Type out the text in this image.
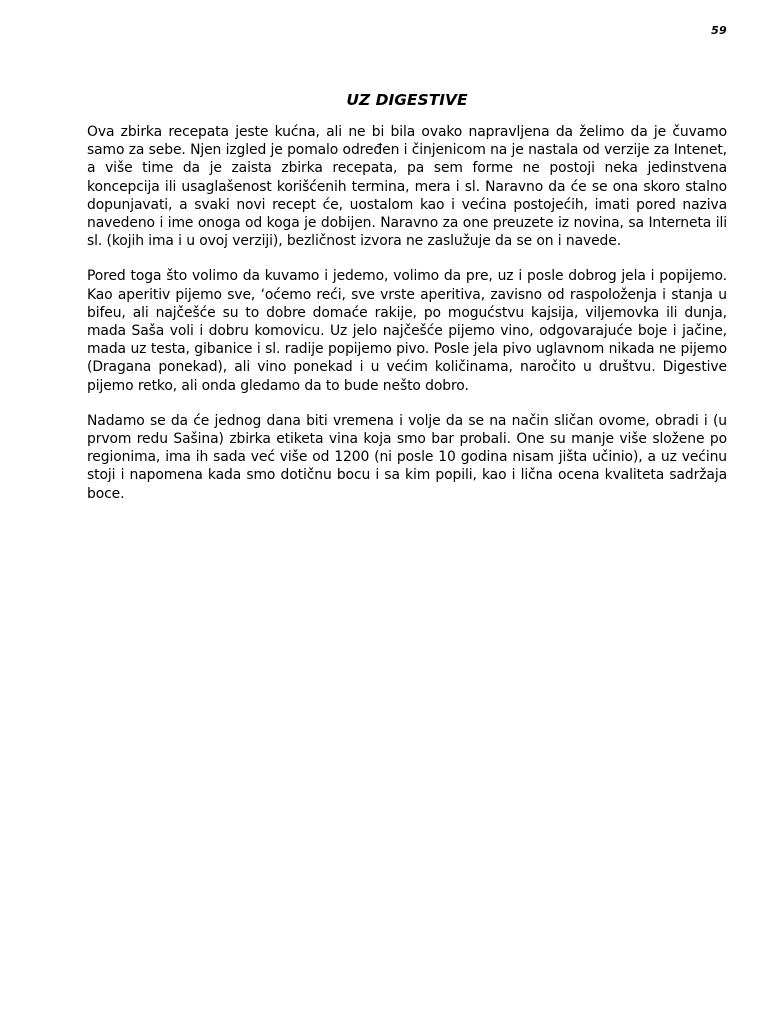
59
UZ DIGESTIVE

Ova zbirka recepata jeste kućna, ali ne bi bila ovako napravljena da želimo da je čuvamo samo za sebe. Njen izgled je pomalo određen i činjenicom na je nastala od verzije za Intenet, a više time da je zaista zbirka recepata, pa sem forme ne postoji neka jedinstvena koncepcija ili usaglašenost korišćenih termina, mera i sl. Naravno da će se ona skoro stalno dopunjavati, a svaki novi recept će, uostalom kao i većina postojećih, imati pored naziva navedeno i ime onoga od koga je dobijen. Naravno za one preuzete iz novina, sa Interneta ili sl. (kojih ima i u ovoj verziji), bezličnost izvora ne zaslužuje da se on i navede.

Pored toga što volimo da kuvamo i jedemo, volimo da pre, uz i posle dobrog jela i popijemo. Kao aperitiv pijemo sve, ‘oćemo reći, sve vrste aperitiva, zavisno od raspoloženja i stanja u bifeu, ali najčešće su to dobre domaće rakije, po mogućstvu kajsija, viljemovka ili dunja, mada Saša voli i dobru komovicu. Uz jelo najčešće pijemo vino, odgovarajuće boje i jačine, mada uz testa, gibanice i sl. radije popijemo pivo. Posle jela pivo uglavnom nikada ne pijemo (Dragana ponekad), ali vino ponekad i u većim količinama, naročito u društvu. Digestive pijemo retko, ali onda gledamo da to bude nešto dobro.

Nadamo se da će jednog dana biti vremena i volje da se na način sličan ovome, obradi i (u prvom redu Sašina) zbirka etiketa vina koja smo bar probali. One su manje više složene po regionima, ima ih sada već više od 1200 (ni posle 10 godina nisam jišta učinio), a uz većinu stoji i napomena kada smo dotičnu bocu i sa kim popili, kao i lična ocena kvaliteta sadržaja boce.
